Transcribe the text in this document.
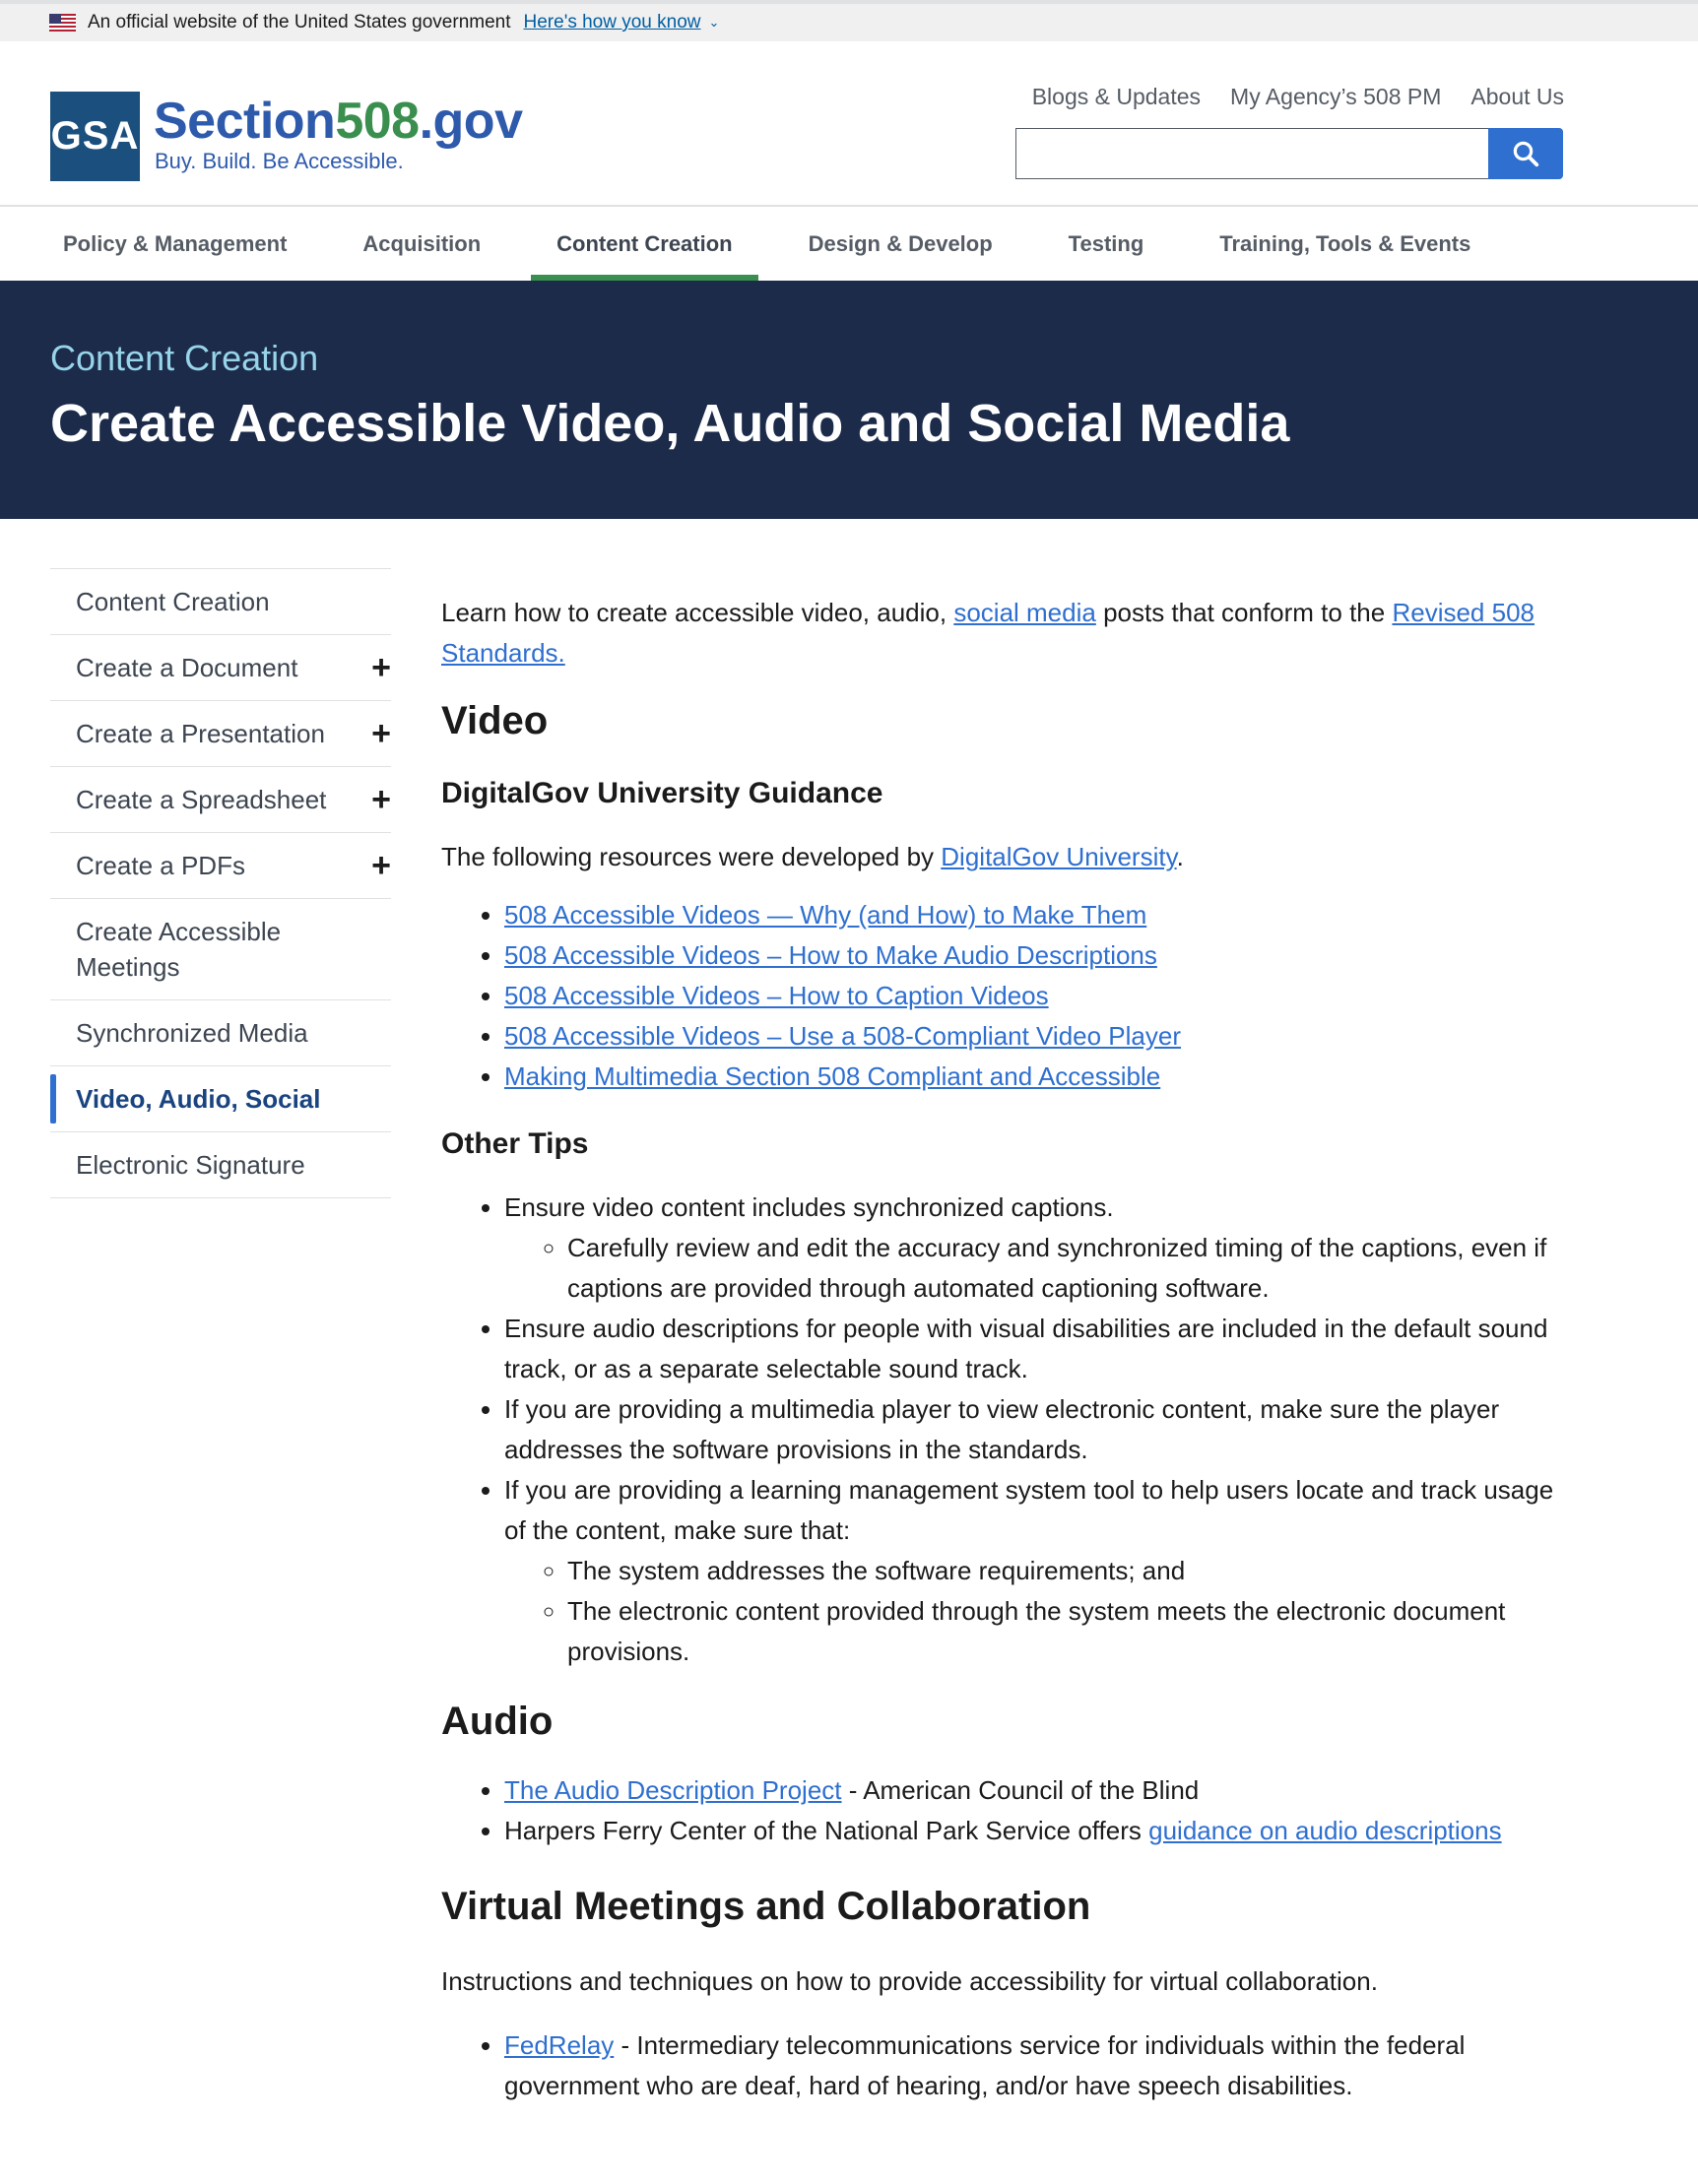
An official website of the United States government Here's how you know ⌄
GSA Section508.gov
Buy. Build. Be Accessible.
Blogs & Updates My Agency’s 508 PM About Us
Policy & Management	Acquisition	Content Creation	Design & Develop	Testing	Training, Tools & Events
Content Creation
Create Accessible Video, Audio and Social Media
Content Creation
Create a Document +
Create a Presentation +
Create a Spreadsheet +
Create a PDFs	+
Create Accessible Meetings
Synchronized Media
Video, Audio, Social
Electronic Signature

Learn how to create accessible video, audio, social media posts that conform to the Revised 508 Standards.

Video
DigitalGov University Guidance

The following resources were developed by DigitalGov University.

• 508 Accessible Videos — Why (and How) to Make Them
• 508 Accessible Videos – How to Make Audio Descriptions
• 508 Accessible Videos – How to Caption Videos
• 508 Accessible Videos – Use a 508-Compliant Video Player
• Making Multimedia Section 508 Compliant and Accessible
Other Tips
• Ensure video content includes synchronized captions.
◦ Carefully review and edit the accuracy and synchronized timing of the captions, even if captions are provided through automated captioning software.
• Ensure audio descriptions for people with visual disabilities are included in the default sound track, or as a separate selectable sound track.
• If you are providing a multimedia player to view electronic content, make sure the player addresses the software provisions in the standards.
• If you are providing a learning management system tool to help users locate and track usage of the content, make sure that:
◦ The system addresses the software requirements; and
◦ The electronic content provided through the system meets the electronic document provisions.
Audio
• The Audio Description Project - American Council of the Blind
• Harpers Ferry Center of the National Park Service offers guidance on audio descriptions
Virtual Meetings and Collaboration

Instructions and techniques on how to provide accessibility for virtual collaboration.

• FedRelay - Intermediary telecommunications service for individuals within the federal government who are deaf, hard of hearing, and/or have speech disabilities.
